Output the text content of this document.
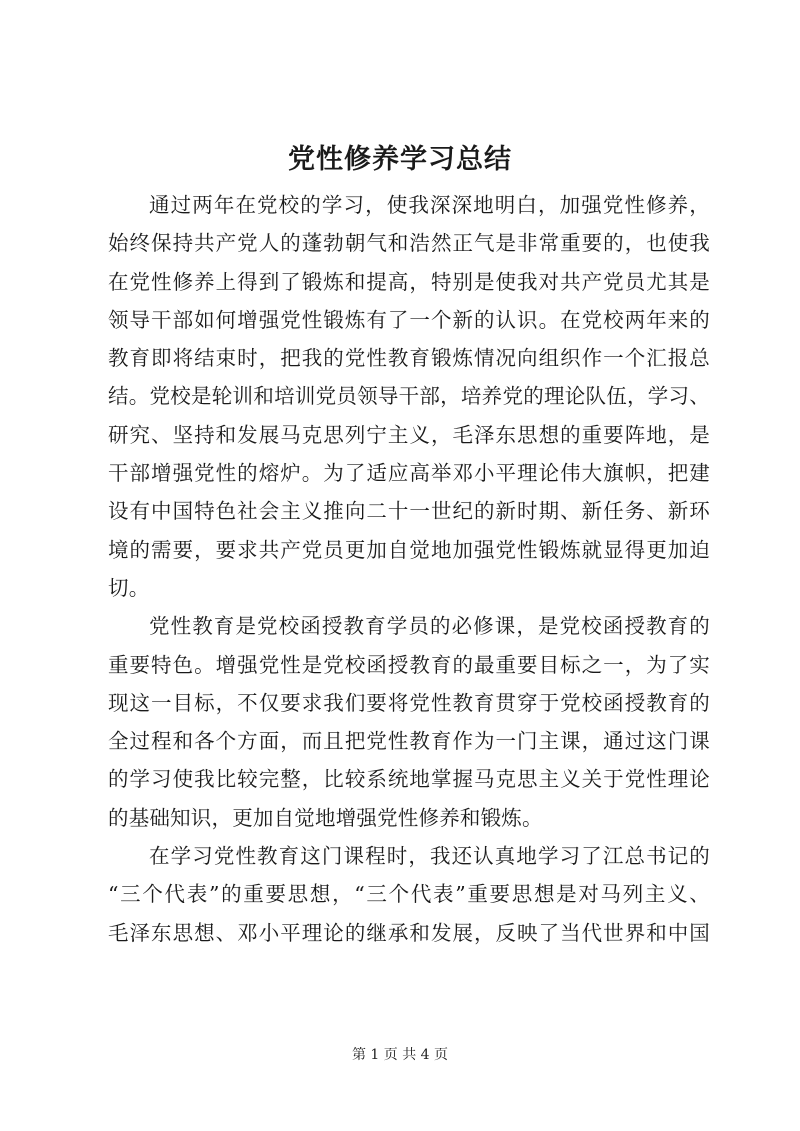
党性修养学习总结
通过两年在党校的学习，使我深深地明白，加强党性修养，
始终保持共产党人的蓬勃朝气和浩然正气是非常重要的，也使我
在党性修养上得到了锻炼和提高，特别是使我对共产党员尤其是
领导干部如何增强党性锻炼有了一个新的认识。在党校两年来的
教育即将结束时，把我的党性教育锻炼情况向组织作一个汇报总
结。党校是轮训和培训党员领导干部，培养党的理论队伍，学习、
研究、坚持和发展马克思列宁主义，毛泽东思想的重要阵地，是
干部增强党性的熔炉。为了适应高举邓小平理论伟大旗帜，把建
设有中国特色社会主义推向二十一世纪的新时期、新任务、新环
境的需要，要求共产党员更加自觉地加强党性锻炼就显得更加迫
切。
党性教育是党校函授教育学员的必修课，是党校函授教育的
重要特色。增强党性是党校函授教育的最重要目标之一，为了实
现这一目标，不仅要求我们要将党性教育贯穿于党校函授教育的
全过程和各个方面，而且把党性教育作为一门主课，通过这门课
的学习使我比较完整，比较系统地掌握马克思主义关于党性理论
的基础知识，更加自觉地增强党性修养和锻炼。
在学习党性教育这门课程时，我还认真地学习了江总书记的
“三个代表”的重要思想，“三个代表”重要思想是对马列主义、
毛泽东思想、邓小平理论的继承和发展，反映了当代世界和中国
第 1 页 共 4 页
